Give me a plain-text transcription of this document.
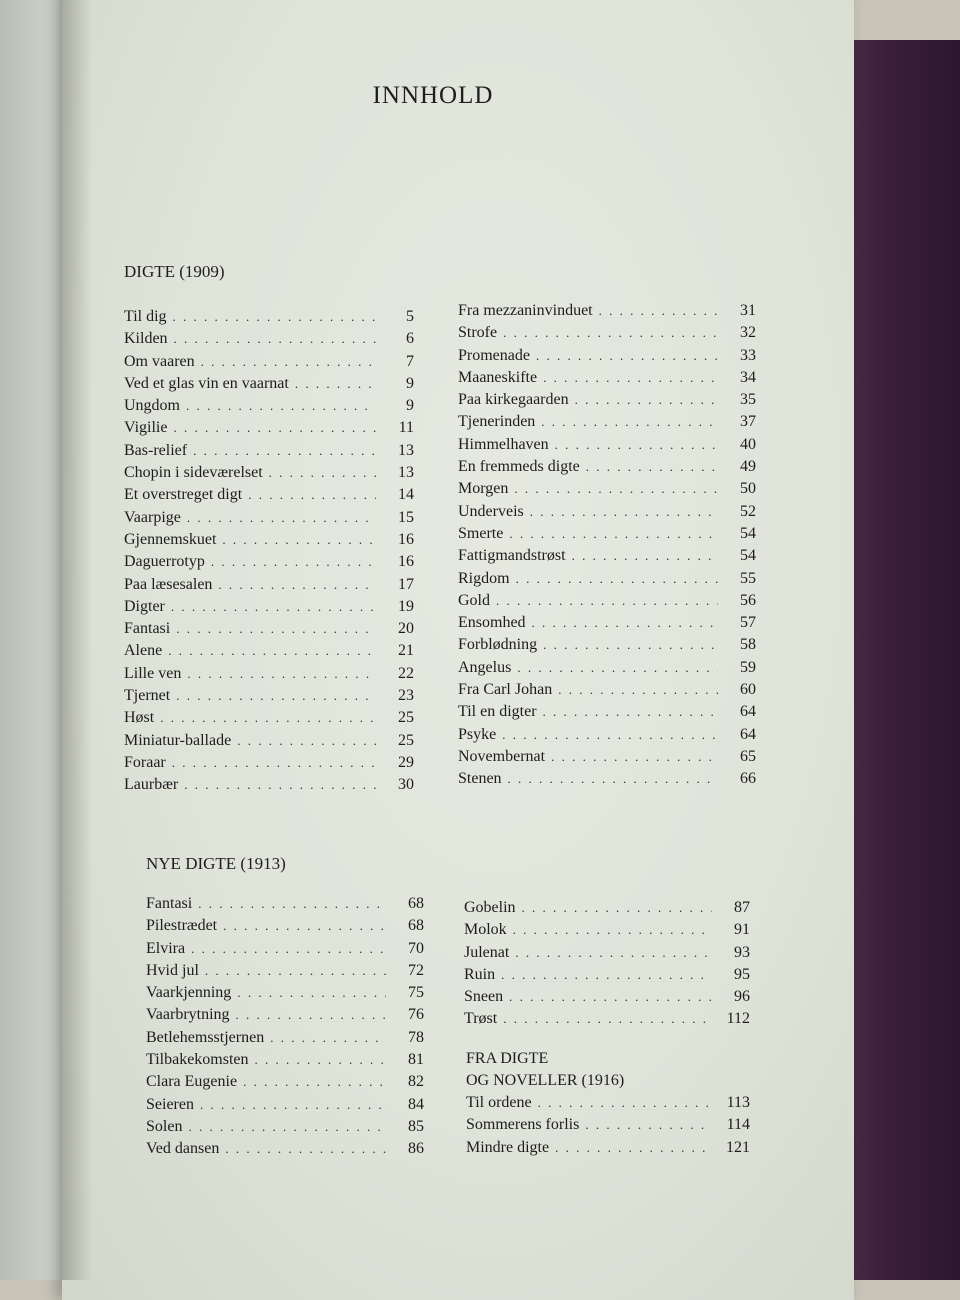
INNHOLD
DIGTE (1909)
Til dig . . .	5
Kilden . . .	6
Om vaaren . . .	7
Ved et glas vin en vaarnat . . .	9
Ungdom . . .	9
Vigilie . . .	11
Bas-relief . . .	13
Chopin i sideværelset . . .	13
Et overstreget digt . . .	14
Vaarpige . . .	15
Gjennemskuet . . .	16
Daguerrotyp . . .	16
Paa læsesalen . . .	17
Digter . . .	19
Fantasi . . .	20
Alene . . .	21
Lille ven . . .	22
Tjernet . . .	23
Høst . . .	25
Miniatur-ballade . . .	25
Foraar . . .	29
Laurbær . . .	30
Fra mezzaninvinduet . . .	31
Strofe . . .	32
Promenade . . .	33
Maaneskifte . . .	34
Paa kirkegaarden . . .	35
Tjenerinden . . .	37
Himmelhaven . . .	40
En fremmeds digte . . .	49
Morgen . . .	50
Underveis . . .	52
Smerte . . .	54
Fattigmandstrøst . . .	54
Rigdom . . .	55
Gold . . .	56
Ensomhed . . .	57
Forblødning . . .	58
Angelus . . .	59
Fra Carl Johan . . .	60
Til en digter . . .	64
Psyke . . .	64
Novembernat . . .	65
Stenen . . .	66
NYE DIGTE (1913)
Fantasi . . .	68
Pilestrædet . . .	68
Elvira . . .	70
Hvid jul . . .	72
Vaarkjenning . . .	75
Vaarbrytning . . .	76
Betlehemsstjernen . . .	78
Tilbakekomsten . . .	81
Clara Eugenie . . .	82
Seieren . . .	84
Solen . . .	85
Ved dansen . . .	86
Gobelin . . .	87
Molok . . .	91
Julenat . . .	93
Ruin . . .	95
Sneen . . .	96
Trøst . . .	112
FRA DIGTE
OG NOVELLER (1916)
Til ordene . . .	113
Sommerens forlis . . .	114
Mindre digte . . .	121
